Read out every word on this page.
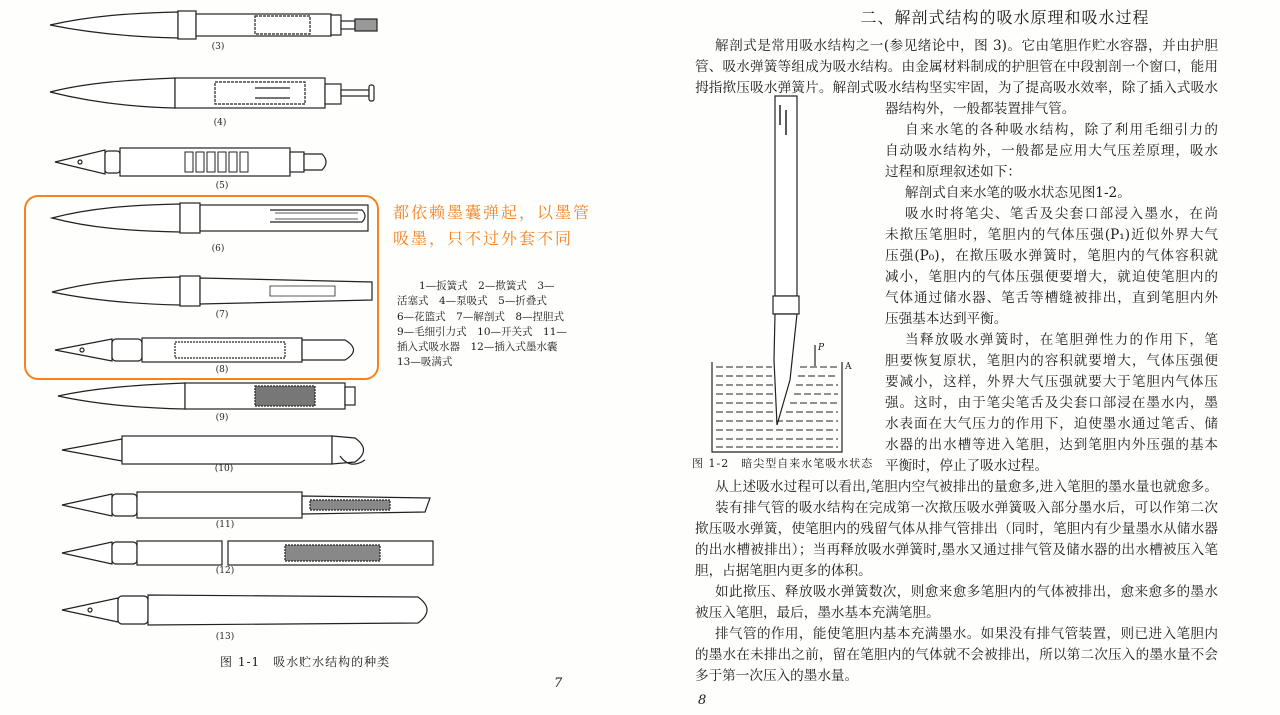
(3)
(4)
(5)
(6)
(7)
(8)
(9)
(10)
(11)
(12)
(13)
都依赖墨囊弹起，以墨管
吸墨，只不过外套不同
1—扳簧式　2—揿簧式　3—
活塞式　4—泵吸式　5—折叠式
6—花篮式　7—解剖式　8—捏胆式
9—毛细引力式　10—开关式　11—
插入式吸水器　12—插入式墨水囊
13—吸满式
图 1-1　吸水贮水结构的种类
7
二、解剖式结构的吸水原理和吸水过程
P
A
图 1-2　暗尖型自来水笔吸水状态
解剖式是常用吸水结构之一(参见绪论中，图 3)。它由笔胆作贮水容器，并由护胆
管、吸水弹簧等组成为吸水结构。由金属材料制成的护胆管在中段割剖一个窗口，能用
拇指揿压吸水弹簧片。解剖式吸水结构坚实牢固，为了提高吸水效率，除了插入式吸水
器结构外，一般都装置排气管。
自来水笔的各种吸水结构，除了利用毛细引力的
自动吸水结构外，一般都是应用大气压差原理，吸水
过程和原理叙述如下：
解剖式自来水笔的吸水状态见图1-2。
吸水时将笔尖、笔舌及尖套口部浸入墨水，在尚
未揿压笔胆时，笔胆内的气体压强(P₁)近似外界大气
压强(P₀)，在揿压吸水弹簧时，笔胆内的气体容积就
减小，笔胆内的气体压强便要增大，就迫使笔胆内的
气体通过储水器、笔舌等槽缝被排出，直到笔胆内外
压强基本达到平衡。
当释放吸水弹簧时，在笔胆弹性力的作用下，笔
胆要恢复原状，笔胆内的容积就要增大，气体压强便
要减小，这样，外界大气压强就要大于笔胆内气体压
强。这时，由于笔尖笔舌及尖套口部浸在墨水内，墨
水表面在大气压力的作用下，迫使墨水通过笔舌、储
水器的出水槽等进入笔胆，达到笔胆内外压强的基本
平衡时，停止了吸水过程。
从上述吸水过程可以看出,笔胆内空气被排出的量愈多,进入笔胆的墨水量也就愈多。
装有排气管的吸水结构在完成第一次揿压吸水弹簧吸入部分墨水后，可以作第二次
揿压吸水弹簧，使笔胆内的残留气体从排气管排出（同时，笔胆内有少量墨水从储水器
的出水槽被排出）；当再释放吸水弹簧时,墨水又通过排气管及储水器的出水槽被压入笔
胆，占据笔胆内更多的体积。
如此揿压、释放吸水弹簧数次，则愈来愈多笔胆内的气体被排出，愈来愈多的墨水
被压入笔胆，最后，墨水基本充满笔胆。
排气管的作用，能使笔胆内基本充满墨水。如果没有排气管装置，则已进入笔胆内
的墨水在未排出之前，留在笔胆内的气体就不会被排出，所以第二次压入的墨水量不会
多于第一次压入的墨水量。
8
